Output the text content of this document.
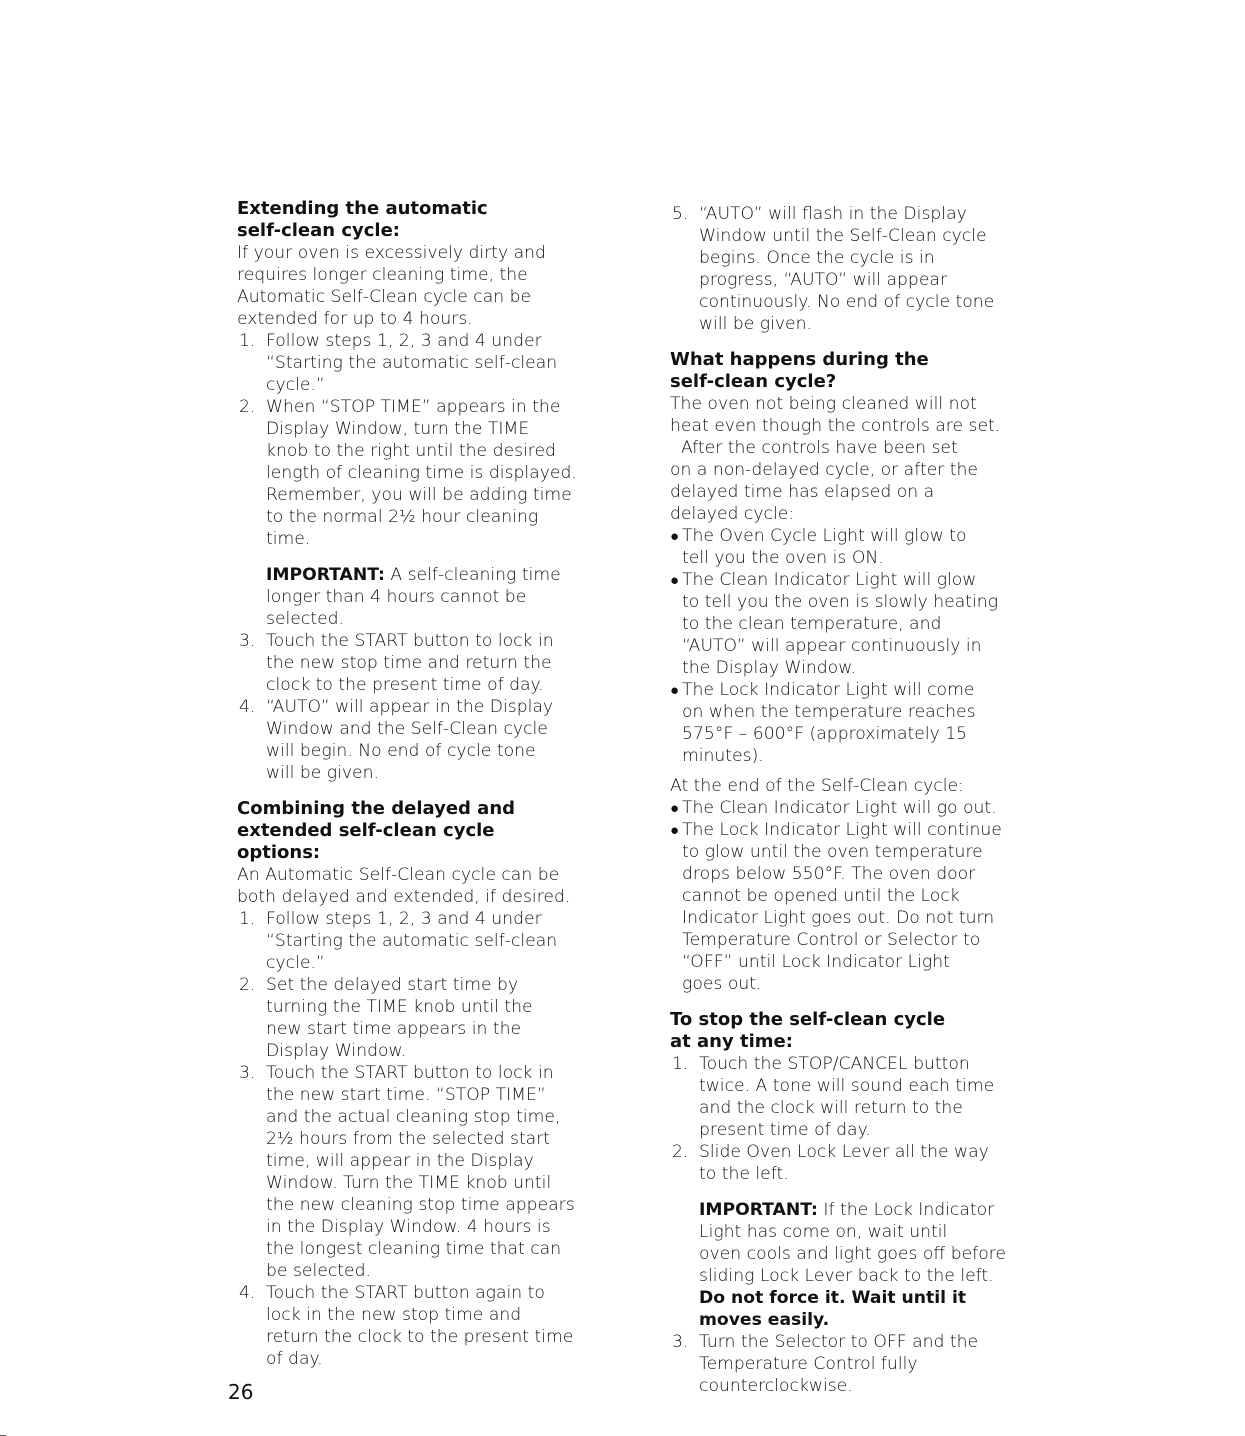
Extending the automatic
self-clean cycle:

If your oven is excessively dirty and
requires longer cleaning time, the
Automatic Self-Clean cycle can be
extended for up to 4 hours.

1. Follow steps 1, 2, 3 and 4 under
“Starting the automatic self-clean
cycle.”

2. When “STOP TIME” appears in the
Display Window, turn the TIME
knob to the right until the desired
length of cleaning time is displayed.
Remember, you will be adding time
to the normal 2½ hour cleaning
time.

IMPORTANT: A self-cleaning time
longer than 4 hours cannot be
selected.

3. Touch the START button to lock in
the new stop time and return the
clock to the present time of day.

4. “AUTO” will appear in the Display
Window and the Self-Clean cycle
will begin. No end of cycle tone
will be given.

Combining the delayed and
extended self-clean cycle options:

An Automatic Self-Clean cycle can be
both delayed and extended, if desired.

1. Follow steps 1, 2, 3 and 4 under
“Starting the automatic self-clean
cycle.”

2. Set the delayed start time by
turning the TIME knob until the
new start time appears in the
Display Window.

3. Touch the START button to lock in
the new start time. “STOP TIME”
and the actual cleaning stop time,
2½ hours from the selected start
time, will appear in the Display
Window. Turn the TIME knob until
the new cleaning stop time appears
in the Display Window. 4 hours is
the longest cleaning time that can
be selected.

4. Touch the START button again to
lock in the new stop time and
return the clock to the present time
of day.

5. “AUTO” will flash in the Display
Window until the Self-Clean cycle
begins. Once the cycle is in
progress, “AUTO” will appear
continuously. No end of cycle tone
will be given.

What happens during the
self-clean cycle?

The oven not being cleaned will not
heat even though the controls are set.

After the controls have been set
on a non-delayed cycle, or after the
delayed time has elapsed on a
delayed cycle:

● The Oven Cycle Light will glow to
tell you the oven is ON.

● The Clean Indicator Light will glow
to tell you the oven is slowly heating
to the clean temperature, and
“AUTO” will appear continuously in
the Display Window.

● The Lock Indicator Light will come
on when the temperature reaches
575°F – 600°F (approximately 15
minutes).

At the end of the Self-Clean cycle:

● The Clean Indicator Light will go out.

● The Lock Indicator Light will continue
to glow until the oven temperature
drops below 550°F. The oven door
cannot be opened until the Lock
Indicator Light goes out. Do not turn
Temperature Control or Selector to
“OFF” until Lock Indicator Light
goes out.

To stop the self-clean cycle
at any time:

1. Touch the STOP/CANCEL button
twice. A tone will sound each time
and the clock will return to the
present time of day.

2. Slide Oven Lock Lever all the way
to the left.

IMPORTANT: If the Lock Indicator
Light has come on, wait until
oven cools and light goes off before
sliding Lock Lever back to the left.
Do not force it. Wait until it
moves easily.

3. Turn the Selector to OFF and the
Temperature Control fully
counterclockwise.

26
